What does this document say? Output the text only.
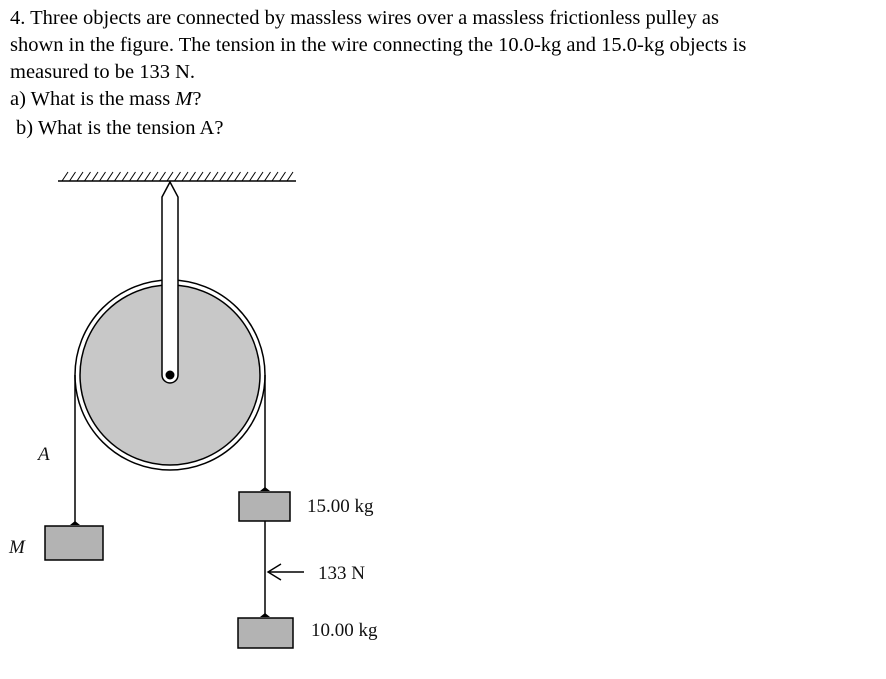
4. Three objects are connected by massless wires over a massless frictionless pulley as
shown in the figure. The tension in the wire connecting the 10.0-kg and 15.0-kg objects is
measured to be 133 N.
a) What is the mass M?
b) What is the tension A?
A
M
15.00 kg
133 N
10.00 kg
